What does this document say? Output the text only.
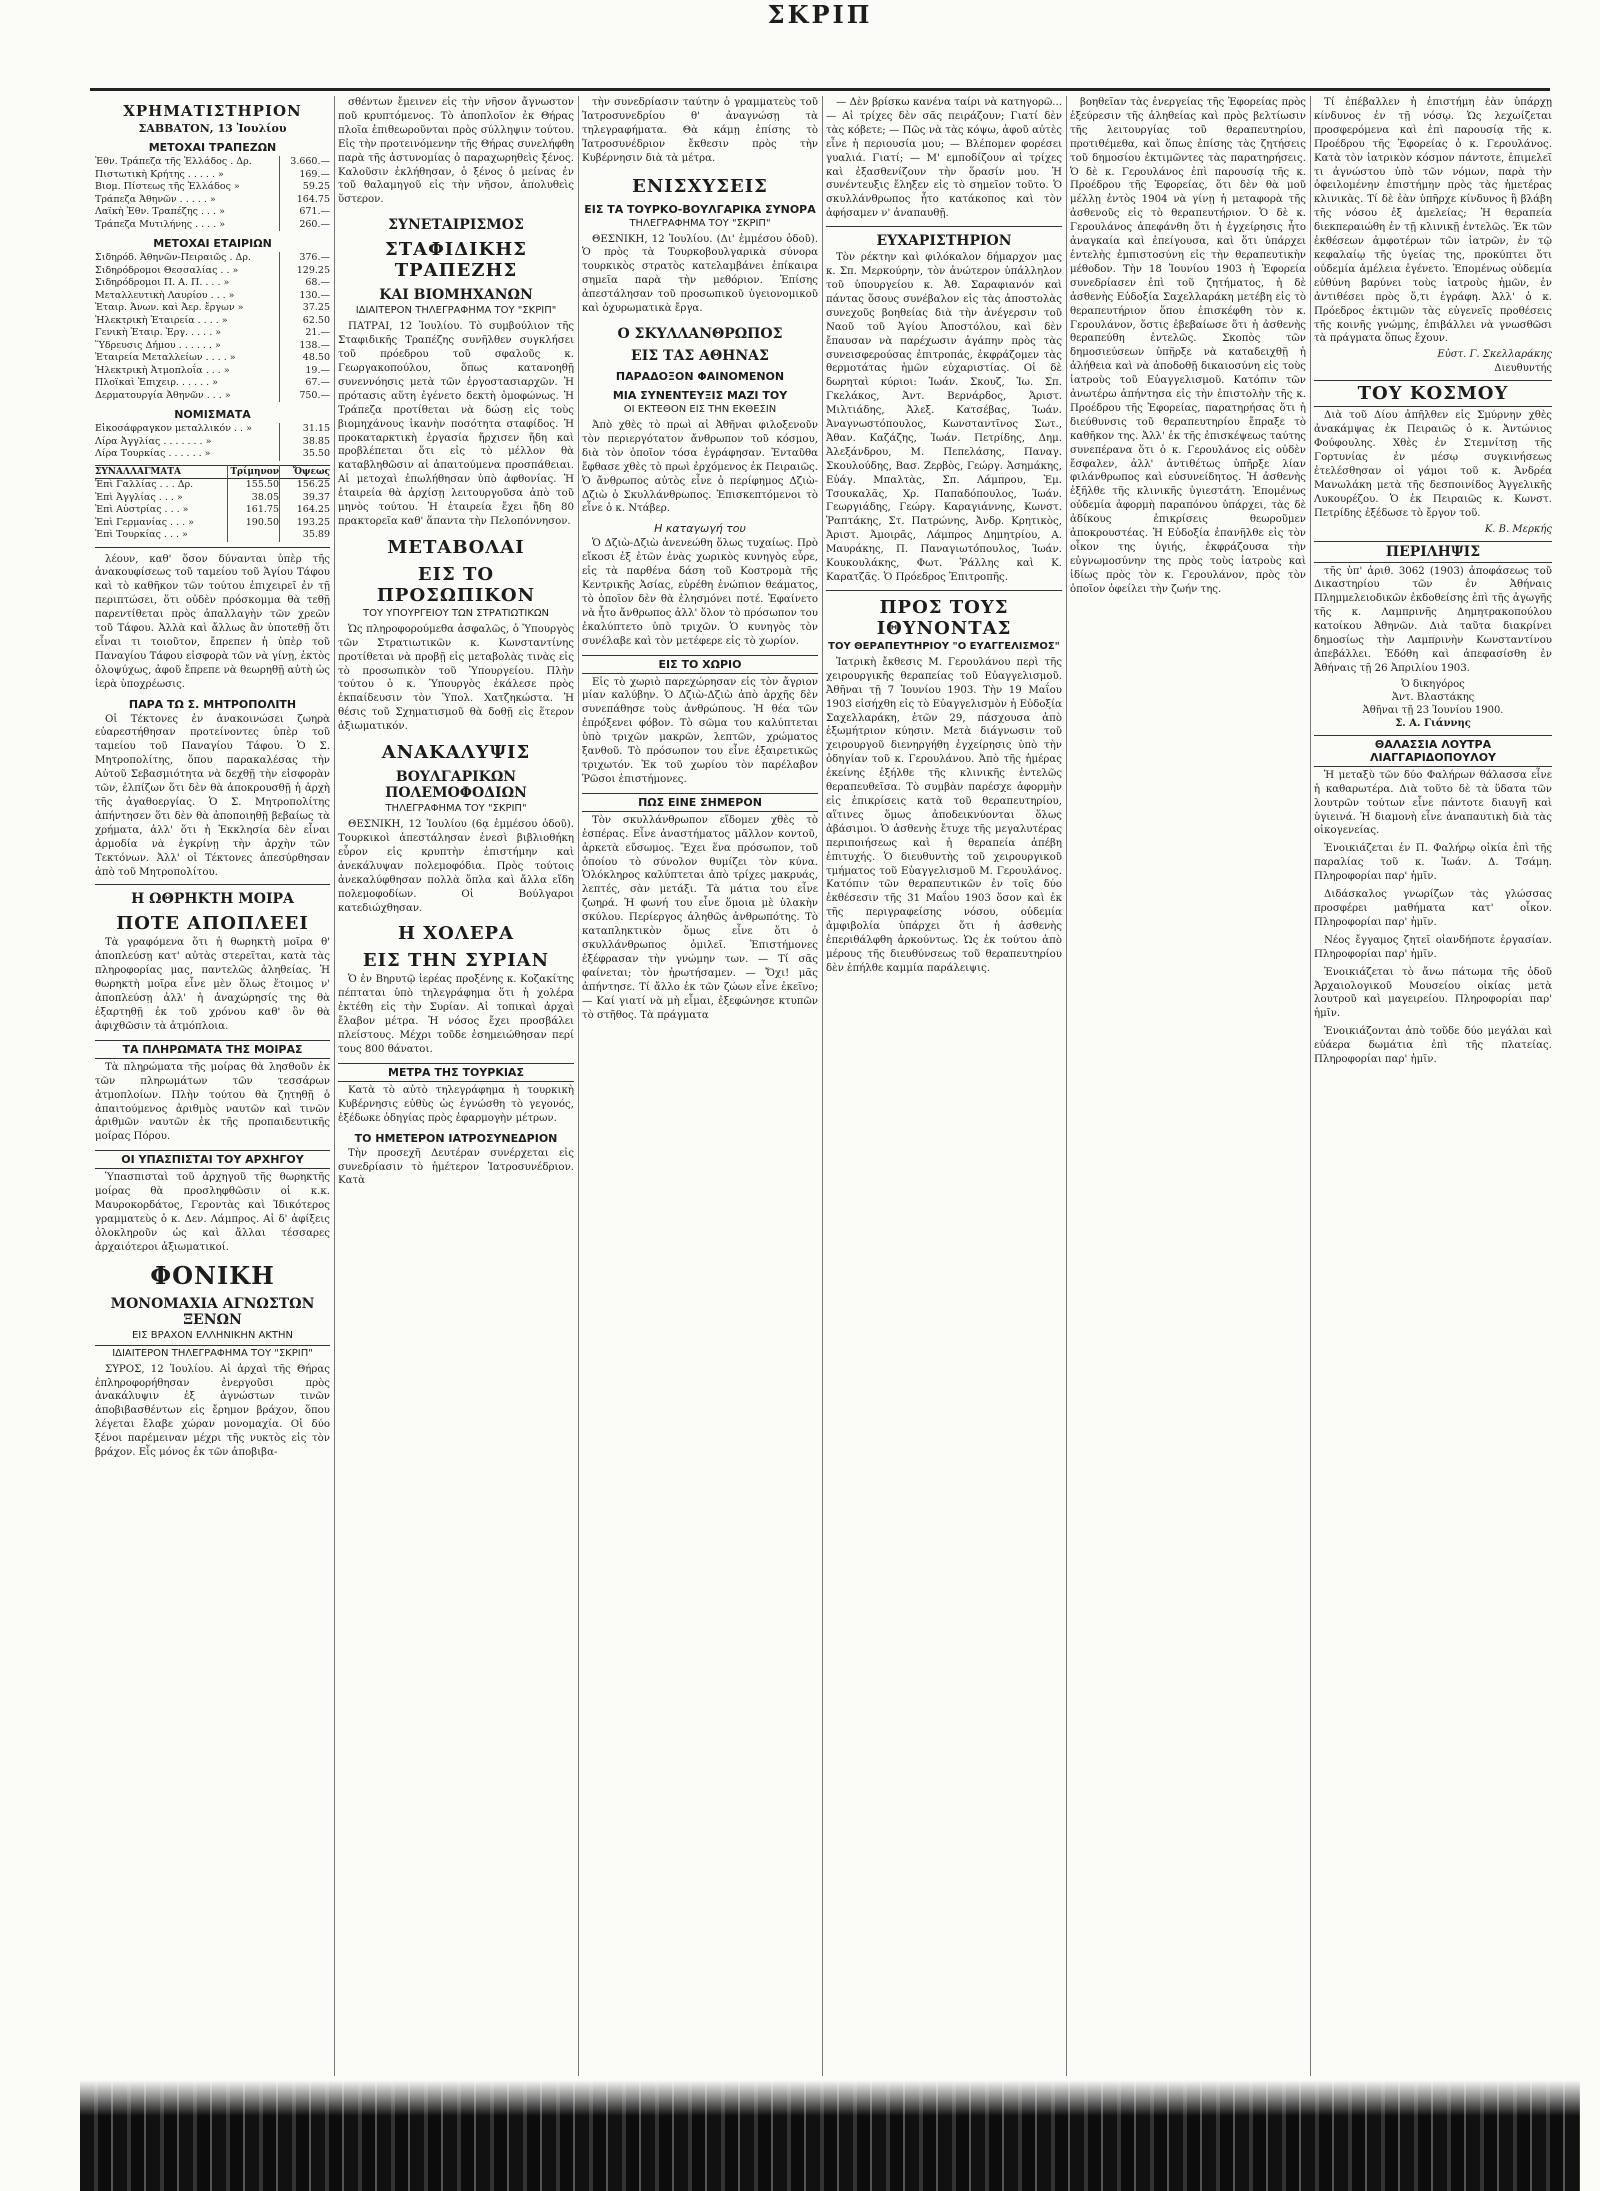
ΣΚΡΙΠ
ΧΡΗΜΑΤΙΣΤΗΡΙΟΝ
ΣΑΒΒΑΤΟΝ, 13 Ἰουλίου
ΜΕΤΟΧΑΙ ΤΡΑΠΕΖΩΝ
Ἐθν. Τράπεζα τῆς Ἑλλάδος . Δρ.	3.660.—
Πιστωτικὴ Κρήτης . . . . . »	169.—
Βιομ. Πίστεως τῆς Ἑλλάδος »	59.25
Τράπεζα Ἀθηνῶν . . . . . »	164.75
Λαϊκὴ Ἐθν. Τραπέζης . . . »	671.—
Τράπεζα Μυτιλήνης . . . . »	260.—
ΜΕΤΟΧΑΙ ΕΤΑΙΡΙΩΝ
Σιδηρόδ. Ἀθηνῶν-Πειραιῶς . Δρ.	376.—
Σιδηρόδρομοι Θεσσαλίας . . »	129.25
Σιδηρόδρομοι Π. Α. Π. . . . »	68.—
Μεταλλευτικὴ Λαυρίου . . . »	130.—
Ἑταιρ. Ἀνων. καὶ Ἀερ. ἔργων »	37.25
Ἠλεκτρικὴ Ἑταιρεία . . . . »	62.50
Γενικὴ Ἑταιρ. Ἐργ. . . . . »	21.—
Ὕδρευσις Δήμου . . . . . . »	138.—
Ἑταιρεία Μεταλλείων . . . . »	48.50
Ἠλεκτρικὴ Ἀτμοπλοΐα . . . »	19.—
Πλοϊκαὶ Ἐπιχειρ. . . . . . »	67.—
Δερματουργία Ἀθηνῶν . . . »	750.—
ΝΟΜΙΣΜΑΤΑ
Εἰκοσάφραγκον μεταλλικόν . . »	31.15
Λίρα Ἀγγλίας . . . . . . . »	38.85
Λίρα Τουρκίας . . . . . . »	35.50
ΣΥΝΑΛΛΑΓΜΑΤΑ	Τρίμηνον	Ὄψεως
Ἐπὶ Γαλλίας . . . Δρ.	155.50	156.25
Ἐπὶ Ἀγγλίας . . . »	38.05	39.37
Ἐπὶ Αὐστρίας . . . »	161.75	164.25
Ἐπὶ Γερμανίας . . . »	190.50	193.25
Ἐπὶ Τουρκίας . . . »		35.89

λέουν, καθ' ὅσον δύνανται ὑπὲρ τῆς ἀνακουφίσεως τοῦ ταμείου τοῦ Ἁγίου Τάφου καὶ τὸ καθῆκον τῶν τούτου ἐπιχειρεῖ ἐν τῇ περιπτώσει, ὅτι οὐδὲν πρόσκομμα θὰ τεθῇ παρεντίθεται πρὸς ἀπαλλαγὴν τῶν χρεῶν τοῦ Τάφου. Ἀλλὰ καὶ ἄλλως ἂν ὑποτεθῇ ὅτι εἶναι τι τοιοῦτον, ἔπρεπεν ἡ ὑπὲρ τοῦ Παναγίου Τάφου εἰσφορὰ τῶν νὰ γίνῃ, ἐκτὸς ὁλοψύχως, ἀφοῦ ἔπρεπε νὰ θεωρηθῇ αὐτὴ ὡς ἱερὰ ὑποχρέωσις.

ΠΑΡΑ ΤΩ Σ. ΜΗΤΡΟΠΟΛΙΤΗ

Οἱ Τέκτονες ἐν ἀνακοινώσει ζωηρὰ εὐαρεστήθησαν προτείνοντες ὑπὲρ τοῦ ταμείου τοῦ Παναγίου Τάφου. Ὁ Σ. Μητροπολίτης, ὅπου παρακαλέσας τὴν Αὐτοῦ Σεβασμιότητα νὰ δεχθῇ τὴν εἰσφορὰν τῶν, ἐλπίζων ὅτι δὲν θὰ ἀποκρουσθῇ ἡ ἀρχὴ τῆς ἀγαθοεργίας. Ὁ Σ. Μητροπολίτης ἀπήντησεν ὅτι δὲν θὰ ἀποποιηθῇ βεβαίως τὰ χρήματα, ἀλλ' ὅτι ἡ Ἐκκλησία δὲν εἶναι ἁρμοδία νὰ ἐγκρίνῃ τὴν ἀρχὴν τῶν Τεκτόνων. Ἀλλ' οἱ Τέκτονες ἀπεσύρθησαν ἀπὸ τοῦ Μητροπολίτου.

Η ΩΘΡΗΚΤΗ ΜΟΙΡΑ
ΠΟΤΕ ΑΠΟΠΛΕΕΙ

Τὰ γραφόμενα ὅτι ἡ θωρηκτὴ μοῖρα θ' ἀποπλεύσῃ κατ' αὐτὰς στερεῖται, κατὰ τὰς πληροφορίας μας, παντελῶς ἀληθείας. Ἡ θωρηκτὴ μοῖρα εἶνε μὲν ὅλως ἕτοιμος ν' ἀποπλεύσῃ ἀλλ' ἡ ἀναχώρησίς της θὰ ἐξαρτηθῇ ἐκ τοῦ χρόνου καθ' ὃν θὰ ἀφιχθῶσιν τὰ ἀτμόπλοια.

ΤΑ ΠΛΗΡΩΜΑΤΑ ΤΗΣ ΜΟΙΡΑΣ

Τὰ πληρώματα τῆς μοίρας θὰ λησθοῦν ἐκ τῶν πληρωμάτων τῶν τεσσάρων ἀτμοπλοίων. Πλὴν τούτου θὰ ζητηθῇ ὁ ἀπαιτούμενος ἀριθμὸς ναυτῶν καὶ τινῶν ἀριθμῶν ναυτῶν ἐκ τῆς προπαιδευτικῆς μοίρας Πόρου.

ΟΙ ΥΠΑΣΠΙΣΤΑΙ ΤΟΥ ΑΡΧΗΓΟΥ

Ὑπασπισταὶ τοῦ ἀρχηγοῦ τῆς θωρηκτῆς μοίρας θὰ προσληφθῶσιν οἱ κ.κ. Μαυροκορδάτος, Γεροντὰς καὶ Ἰδικότερος γραμματεὺς ὁ κ. Δεν. Λάμπρος. Αἱ δ' ἀφίξεις ὁλοκληροῦν ὡς καὶ ἄλλαι τέσσαρες ἀρχαιότεροι ἀξιωματικοί.

ΦΟΝΙΚΗ
ΜΟΝΟΜΑΧΙΑ ΑΓΝΩΣΤΩΝ ΞΕΝΩΝ
ΕΙΣ ΒΡΑΧΟΝ ΕΛΛΗΝΙΚΗΝ ΑΚΤΗΝ
ΙΔΙΑΙΤΕΡΟΝ ΤΗΛΕΓΡΑΦΗΜΑ ΤΟΥ "ΣΚΡΙΠ"

ΣΥΡΟΣ, 12 Ἰουλίου. Αἱ ἀρχαὶ τῆς Θήρας ἐπληροφορήθησαν ἐνεργοῦσι πρὸς ἀνακάλυψιν ἑξ ἀγνώστων τινῶν ἀποβιβασθέντων εἰς ἔρημον βράχον, ὅπου λέγεται ἔλαβε χώραν μονομαχία. Οἱ δύο ξένοι παρέμειναν μέχρι τῆς νυκτὸς εἰς τὸν βράχον. Εἷς μόνος ἐκ τῶν ἀποβιβα-

σθέντων ἔμεινεν εἰς τὴν νῆσον ἄγνωστον ποῦ κρυπτόμενος. Τὸ ἀποπλοῖον ἐκ Θήρας πλοῖα ἐπιθεωροῦνται πρὸς σύλληψιν τούτου. Εἰς τὴν προτεινόμενην τῆς Θήρας συνελήφθη παρὰ τῆς ἀστυνομίας ὁ παραχωρηθεὶς ξένος. Καλοῦσιν ἐκλήθησαν, ὁ ξένος ὁ μείνας ἐν τοῦ θαλαμηγοῦ εἰς τὴν νῆσον, ἀπολυθεὶς ὕστερον.

ΣΥΝΕΤΑΙΡΙΣΜΟΣ
ΣΤΑΦΙΔΙΚΗΣ ΤΡΑΠΕΖΗΣ
ΚΑΙ ΒΙΟΜΗΧΑΝΩΝ
ΙΔΙΑΙΤΕΡΟΝ ΤΗΛΕΓΡΑΦΗΜΑ ΤΟΥ "ΣΚΡΙΠ"

ΠΑΤΡΑΙ, 12 Ἰουλίου. Τὸ συμβούλιον τῆς Σταφιδικῆς Τραπέζης συνῆλθεν συγκλήσει τοῦ πρόεδρου τοῦ σφαλοῦς κ. Γεωργακοπούλου, ὅπως κατανοηθῇ συνεννόησις μετὰ τῶν ἐργοστασιαρχῶν. Ἡ πρότασις αὕτη ἐγένετο δεκτὴ ὁμοφώνως. Ἡ Τράπεζα προτίθεται νὰ δώσῃ εἰς τοὺς βιομηχάνους ἱκανὴν ποσότητα σταφίδος. Ἡ προκαταρκτικὴ ἐργασία ἤρχισεν ἤδη καὶ προβλέπεται ὅτι εἰς τὸ μέλλον θὰ καταβληθῶσιν αἱ ἀπαιτούμενα προσπάθειαι. Αἱ μετοχαὶ ἐπωλήθησαν ὑπὸ ἀφθονίας. Ἡ ἐταιρεία θὰ ἀρχίσῃ λειτουργοῦσα ἀπὸ τοῦ μηνὸς τούτου. Ἡ ἐταιρεία ἔχει ἤδη 80 πρακτορεῖα καθ' ἅπαντα τὴν Πελοπόννησον.

ΜΕΤΑΒΟΛΑΙ
ΕΙΣ ΤΟ ΠΡΟΣΩΠΙΚΟΝ
ΤΟΥ ΥΠΟΥΡΓΕΙΟΥ ΤΩΝ ΣΤΡΑΤΙΩΤΙΚΩΝ

Ὡς πληροφορούμεθα ἀσφαλῶς, ὁ Ὑπουργὸς τῶν Στρατιωτικῶν κ. Κωνσταντίνης προτίθεται νὰ προβῇ εἰς μεταβολὰς τινὰς εἰς τὸ προσωπικὸν τοῦ Ὑπουργείου. Πλὴν τούτου ὁ κ. Ὑπουργὸς ἐκάλεσε πρὸς ἐκπαίδευσιν τὸν Ὑπολ. Χατζηκώστα. Ἡ θέσις τοῦ Σχηματισμοῦ θὰ δοθῇ εἰς ἕτερον ἀξιωματικόν.

ΑΝΑΚΑΛΥΨΙΣ
ΒΟΥΛΓΑΡΙΚΩΝ ΠΟΛΕΜΟΦΟΔΙΩΝ
ΤΗΛΕΓΡΑΦΗΜΑ ΤΟΥ "ΣΚΡΙΠ"

ΘΕΣΝΙΚΗ, 12 Ἰουλίου (6ᾳ ἐμμέσου ὁδοῦ). Τουρκικοὶ ἀπεστάλησαν ἐνεσὶ βιβλιοθήκη εὗρον εἰς κρυπτὴν ἐπιστήμην καὶ ἀνεκάλυψαν πολεμοφόδια. Πρὸς τούτοις ἀνεκαλύφθησαν πολλὰ ὅπλα καὶ ἄλλα εἴδη πολεμοφοδίων. Οἱ Βούλγαροι κατεδιώχθησαν.

Η ΧΟΛΕΡΑ
ΕΙΣ ΤΗΝ ΣΥΡΙΑΝ

Ὁ ἐν Βηρυτῷ ἱερέας προξένης κ. Κοζακίτης πέπταται ὑπὸ τηλεγράφημα ὅτι ἡ χολέρα ἐκτέθη εἰς τὴν Συρίαν. Αἱ τοπικαὶ ἀρχαὶ ἔλαβον μέτρα. Ἡ νόσος ἔχει προσβάλει πλείστους. Μέχρι τοῦδε ἐσημειώθησαν περί τους 800 θάνατοι.

ΜΕΤΡΑ ΤΗΣ ΤΟΥΡΚΙΑΣ

Κατὰ τὸ αὐτὸ τηλεγράφημα ἡ τουρκικὴ Κυβέρνησις εὐθὺς ὡς ἐγνώσθη τὸ γεγονός, ἐξέδωκε ὁδηγίας πρὸς ἐφαρμογὴν μέτρων.

ΤΟ ΗΜΕΤΕΡΟΝ ΙΑΤΡΟΣΥΝΕΔΡΙΟΝ

Τὴν προσεχῆ Δευτέραν συνέρχεται εἰς συνεδρίασιν τὸ ἡμέτερον Ἰατροσυνέδριον. Κατὰ

τὴν συνεδρίασιν ταύτην ὁ γραμματεὺς τοῦ Ἰατροσυνεδρίου θ' ἀναγνώσῃ τὰ τηλεγραφήματα. Θὰ κάμῃ ἐπίσης τὸ Ἰατροσυνέδριον ἔκθεσιν πρὸς τὴν Κυβέρνησιν διὰ τὰ μέτρα.

ΕΝΙΣΧΥΣΕΙΣ
ΕΙΣ ΤΑ ΤΟΥΡΚΟ-ΒΟΥΛΓΑΡΙΚΑ ΣΥΝΟΡΑ
ΤΗΛΕΓΡΑΦΗΜΑ ΤΟΥ "ΣΚΡΙΠ"

ΘΕΣΝΙΚΗ, 12 Ἰουλίου. (Δι' ἐμμέσου ὁδοῦ). Ὁ πρὸς τὰ Τουρκοβουλγαρικὰ σύνορα τουρκικὸς στρατὸς κατελαμβάνει ἐπίκαιρα σημεῖα παρὰ τὴν μεθόριον. Ἐπίσης ἀπεστάλησαν τοῦ προσωπικοῦ ὑγειονομικοῦ καὶ ὀχυρωματικὰ ἔργα.

Ο ΣΚΥΛΛΑΝΘΡΩΠΟΣ
ΕΙΣ ΤΑΣ ΑΘΗΝΑΣ
ΠΑΡΑΔΟΞΟΝ ΦΑΙΝΟΜΕΝΟΝ
ΜΙΑ ΣΥΝΕΝΤΕΥΞΙΣ ΜΑΖΙ ΤΟΥ
ΟΙ ΕΚΤΕΘΟΝ ΕΙΣ ΤΗΝ ΕΚΘΕΣΙΝ

Ἀπὸ χθὲς τὸ πρωὶ αἱ Ἀθῆναι φιλοξενοῦν τὸν περιεργότατον ἄνθρωπον τοῦ κόσμου, διὰ τὸν ὁποῖον τόσα ἐγράφησαν. Ἐνταῦθα ἔφθασε χθὲς τὸ πρωὶ ἐρχόμενος ἐκ Πειραιῶς. Ὁ ἄνθρωπος αὐτὸς εἶνε ὁ περίφημος Δζιὼ-Δζιὼ ὁ Σκυλλάνθρωπος. Ἐπισκεπτόμενοι τὸ εἶνε ὁ κ. Ντάβερ.

Η καταγωγή του

Ὁ Δζιὼ-Δζιὼ ἀνενεώθη ὅλως τυχαίως. Πρὸ εἴκοσι ἐξ ἐτῶν ἐνὰς χωρικὸς κυνηγὸς εὗρε, εἰς τὰ παρθένα δάση τοῦ Κοστρομὰ τῆς Κεντρικῆς Ἀσίας, εὑρέθη ἐνώπιον θεάματος, τὸ ὁποῖον δὲν θὰ ἐλησμόνει ποτέ. Ἐφαίνετο νὰ ἦτο ἄνθρωπος ἀλλ' ὅλον τὸ πρόσωπον του ἐκαλύπτετο ὑπὸ τριχῶν. Ὁ κυνηγὸς τὸν συνέλαβε καὶ τὸν μετέφερε εἰς τὸ χωρίον.

ΕΙΣ ΤΟ ΧΩΡΙΟ

Εἰς τὸ χωριὸ παρεχώρησαν εἰς τὸν ἄγριον μίαν καλύβην. Ὁ Δζιὼ-Δζιὼ ἀπὸ ἀρχῆς δὲν συνεπάθησε τοὺς ἀνθρώπους. Ἡ θέα τῶν ἐπρόξενει φόβον. Τὸ σῶμα του καλύπτεται ὑπὸ τριχῶν μακρῶν, λεπτῶν, χρώματος ξανθοῦ. Τὸ πρόσωπον του εἶνε ἐξαιρετικῶς τριχωτόν. Ἐκ τοῦ χωρίου τὸν παρέλαβον Ῥῶσοι ἐπιστήμονες.

ΠΩΣ ΕΙΝΕ ΣΗΜΕΡΟΝ

Τὸν σκυλλάνθρωπον εἴδομεν χθὲς τὸ ἑσπέρας. Εἶνε ἀναστήματος μᾶλλον κοντοῦ, ἀρκετὰ εὔσωμος. Ἔχει ἕνα πρόσωπον, τοῦ ὁποίου τὸ σύνολον θυμίζει τὸν κύνα. Ὁλόκληρος καλύπτεται ἀπὸ τρίχες μακρυάς, λεπτές, σὰν μετάξι. Τὰ μάτια του εἶνε ζωηρά. Ἡ φωνή του εἶνε ὅμοια μὲ ὑλακὴν σκύλου. Περίεργος ἀληθῶς ἀνθρωπότης. Τὸ καταπληκτικὸν ὅμως εἶνε ὅτι ὁ σκυλλάνθρωπος ὁμιλεῖ. Ἐπιστήμονες ἐξέφρασαν τὴν γνώμην των. — Τί σᾶς φαίνεται; τὸν ἠρωτήσαμεν. — Ὄχι! μᾶς ἀπήντησε. Τί ἄλλο ἐκ τῶν ζώων εἶνε ἐκεῖνο; — Καί γιατί νὰ μὴ εἶμαι, ἐξεφώνησε κτυπῶν τὸ στῆθος. Τὰ πράγματα

— Δὲν βρίσκω κανένα ταίρι νὰ κατηγορῶ... — Αἱ τρίχες δὲν σᾶς πειράζουν; Γιατί δὲν τὰς κόβετε; — Πῶς νὰ τὰς κόψω, ἀφοῦ αὐτὲς εἶνε ἡ περιουσία μου; — Βλέπομεν φορέσει γυαλιά. Γιατί; — Μ' εμποδίζουν αἱ τρίχες καὶ ἐξασθενίζουν τὴν ὅρασίν μου. Ἡ συνέντευξις ἔληξεν εἰς τὸ σημεῖον τοῦτο. Ὁ σκυλλάνθρωπος ἦτο κατάκοπος καὶ τὸν ἀφήσαμεν ν' ἀναπαυθῇ.

ΕΥΧΑΡΙΣΤΗΡΙΟΝ

Τὸν ρέκτην καὶ φιλόκαλον δήμαρχον μας κ. Σπ. Μερκούρην, τὸν ἀνώτερον ὑπάλληλον τοῦ ὑπουργείου κ. Ἀθ. Σαραφιανόν καὶ πάντας ὅσους συνέβαλον εἰς τὰς ἀποστολὰς συνεχοῦς βοηθείας διὰ τὴν ἀνέγερσιν τοῦ Ναοῦ τοῦ Ἁγίου Ἀποστόλου, καὶ δὲν ἔπαυσαν νὰ παρέχωσιν ἀγάπην πρὸς τὰς συνεισφερούσας ἐπιτροπάς, ἐκφράζομεν τὰς θερμοτάτας ἡμῶν εὐχαριστίας. Οἱ δὲ δωρηταὶ κύριοι: Ἰωάν. Σκουζ, Ἰω. Σπ. Γκελάκος, Ἀντ. Βερνάρδος, Ἀριστ. Μιλτιάδης, Ἀλεξ. Κατσέβας, Ἰωάν. Ἀναγνωστόπουλος, Κωνσταντῖνος Σωτ., Ἀθαν. Καζάζης, Ἰωάν. Πετρίδης, Δημ. Ἀλεξάνδρου, Μ. Πεπελάσης, Παναγ. Σκουλούδης, Βασ. Ζερβὸς, Γεώργ. Ἀσημάκης, Εὐάγ. Μπαλτὰς, Σπ. Λάμπρου, Ἐμ. Τσουκαλᾶς, Χρ. Παπαδόπουλος, Ἰωάν. Γεωργιάδης, Γεώργ. Καραγιάννης, Κωνστ. Ῥαπτάκης, Στ. Πατρώνης, Ἀνδρ. Κρητικὸς, Ἀριστ. Ἀμοιρᾶς, Λάμπρος Δημητρίου, Α. Μαυράκης, Π. Παναγιωτόπουλος, Ἰωάν. Κουκουλάκης, Φωτ. Ῥάλλης καὶ Κ. Καρατζᾶς. Ὁ Πρόεδρος Ἐπιτροπῆς.

ΠΡΟΣ ΤΟΥΣ ΙΘΥΝΟΝΤΑΣ
ΤΟΥ ΘΕΡΑΠΕΥΤΗΡΙΟΥ "Ο ΕΥΑΓΓΕΛΙΣΜΟΣ"

Ἰατρικὴ ἔκθεσις Μ. Γερουλάνου περὶ τῆς χειρουργικῆς θεραπείας τοῦ Εὐαγγελισμοῦ. Ἀθῆναι τῇ 7 Ἰουνίου 1903. Τὴν 19 Μαΐου 1903 εἰσήχθη εἰς τὸ Εὐαγγελισμὸν ἡ Εὐδοξία Σαχελλαράκη, ἐτῶν 29, πάσχουσα ἀπὸ ἐξωμήτριον κύησιν. Μετὰ διάγνωσιν τοῦ χειρουργοῦ διενηργήθη ἐγχείρησις ὑπὸ τὴν ὁδηγίαν τοῦ κ. Γερουλάνου. Ἀπὸ τῆς ἡμέρας ἐκείνης ἐξήλθε τῆς κλινικῆς ἐντελῶς θεραπευθεῖσα. Τὸ συμβὰν παρέσχε ἀφορμὴν εἰς ἐπικρίσεις κατὰ τοῦ θεραπευτηρίου, αἵτινες ὅμως ἀποδεικνύονται ὅλως ἀβάσιμοι. Ὁ ἀσθενὴς ἔτυχε τῆς μεγαλυτέρας περιποιήσεως καὶ ἡ θεραπεία ἀπέβη ἐπιτυχής. Ὁ διευθυντὴς τοῦ χειρουργικοῦ τμήματος τοῦ Εὐαγγελισμοῦ Μ. Γερουλάνος. Κατόπιν τῶν θεραπευτικῶν ἐν τοῖς δύο ἐκθέσεσιν τῆς 31 Μαΐου 1903 ὅσον καὶ ἐκ τῆς περιγραφείσης νόσου, οὐδεμία ἀμφιβολία ὑπάρχει ὅτι ἡ ἀσθενὴς ἐπεριθάλφθη ἀρκούντως. Ὡς ἐκ τούτου ἀπὸ μέρους τῆς διευθύνσεως τοῦ θεραπευτηρίου δὲν ἐπήλθε καμμία παράλειψις.

βοηθεῖαν τὰς ἐνεργείας τῆς Ἐφορείας πρὸς ἐξεύρεσιν τῆς ἀληθείας καὶ πρὸς βελτίωσιν τῆς λειτουργίας τοῦ θεραπευτηρίου, προτιθέμεθα, καὶ ὅπως ἐπίσης τὰς ζητήσεις τοῦ δημοσίου ἐκτιμῶντες τὰς παρατηρήσεις. Ὁ δὲ κ. Γερουλάνος ἐπὶ παρουσίᾳ τῆς κ. Προέδρου τῆς Ἐφορείας, ὅτι δὲν θὰ μοῦ μέλλῃ ἐντὸς 1904 νὰ γίνῃ ἡ μεταφορὰ τῆς ἀσθενοῦς εἰς τὸ θεραπευτήριον. Ὁ δὲ κ. Γερουλάνος ἀπεφάνθη ὅτι ἡ ἐγχείρησις ἦτο ἀναγκαία καὶ ἐπείγουσα, καὶ ὅτι ὑπάρχει ἐντελὴς ἐμπιστοσύνη εἰς τὴν θεραπευτικὴν μέθοδον. Τὴν 18 Ἰουνίου 1903 ἡ Ἐφορεία συνεδρίασεν ἐπὶ τοῦ ζητήματος, ἡ δὲ ἀσθενὴς Εὐδοξία Σαχελλαράκη μετέβη εἰς τὸ θεραπευτήριον ὅπου ἐπισκέφθη τὸν κ. Γερουλάνον, ὅστις ἐβεβαίωσε ὅτι ἡ ἀσθενὴς θεραπεύθη ἐντελῶς. Σκοπὸς τῶν δημοσιεύσεων ὑπῆρξε νὰ καταδειχθῇ ἡ ἀλήθεια καὶ νὰ ἀποδοθῇ δικαιοσύνη εἰς τοὺς ἰατροὺς τοῦ Εὐαγγελισμοῦ. Κατόπιν τῶν ἀνωτέρω ἀπήντησα εἰς τὴν ἐπιστολὴν τῆς κ. Προέδρου τῆς Ἐφορείας, παρατηρήσας ὅτι ἡ διεύθυνσις τοῦ θεραπευτηρίου ἔπραξε τὸ καθῆκον της. Ἀλλ' ἐκ τῆς ἐπισκέψεως ταύτης συνεπέρανα ὅτι ὁ κ. Γερουλάνος εἰς οὐδὲν ἔσφαλεν, ἀλλ' ἀντιθέτως ὑπῆρξε λίαν φιλάνθρωπος καὶ εὐσυνείδητος. Ἡ ἀσθενὴς ἐξῆλθε τῆς κλινικῆς ὑγιεστάτη. Ἑπομένως οὐδεμία ἀφορμὴ παραπόνου ὑπάρχει, τὰς δὲ ἀδίκους ἐπικρίσεις θεωροῦμεν ἀποκρουστέας. Ἡ Εὐδοξία ἐπανῆλθε εἰς τὸν οἶκον της ὑγιής, ἐκφράζουσα τὴν εὐγνωμοσύνην της πρὸς τοὺς ἰατροὺς καὶ ἰδίως πρὸς τὸν κ. Γερουλάνον, πρὸς τὸν ὁποῖον ὀφείλει τὴν ζωήν της.

Τί ἐπέβαλλεν ἡ ἐπιστήμη ἐὰν ὑπάρχῃ κίνδυνος ἐν τῇ νόσῳ. Ὡς λεχωίζεται προσφερόμενα καὶ ἐπὶ παρουσίᾳ τῆς κ. Προέδρου τῆς Ἐφορείας ὁ κ. Γερουλάνος. Κατὰ τὸν ἰατρικὸν κόσμον πάντοτε, ἐπιμελεῖ τι ἀγνώστου ὑπὸ τῶν νόμων, παρὰ τὴν ὀφειλομένην ἐπιστήμην πρὸς τὰς ἡμετέρας κλινικὰς. Τί δὲ ἐὰν ὑπῆρχε κίνδυνος ἢ βλάβη τῆς νόσου ἐξ ἀμελείας; Ἡ θεραπεία διεκπεραιώθη ἐν τῇ κλινικῇ ἐντελῶς. Ἐκ τῶν ἐκθέσεων ἀμφοτέρων τῶν ἰατρῶν, ἐν τῷ κεφαλαίῳ τῆς ὑγείας της, προκύπτει ὅτι οὐδεμία ἀμέλεια ἐγένετο. Ἐπομένως οὐδεμία εὐθύνη βαρύνει τοὺς ἰατροὺς ἡμῶν, ἐν ἀντιθέσει πρὸς ὅ,τι ἐγράφη. Ἀλλ' ὁ κ. Πρόεδρος ἐκτιμῶν τὰς εὐγενεῖς προθέσεις τῆς κοινῆς γνώμης, ἐπιβάλλει νὰ γνωσθῶσι τὰ πράγματα ὅπως ἔχουν.

Εὐστ. Γ. Σκελλαράκης
Διευθυντής
ΤΟΥ ΚΟΣΜΟΥ

Διὰ τοῦ Δίου ἀπῆλθεν εἰς Σμύρνην χθὲς ἀνακάμψας ἐκ Πειραιῶς ὁ κ. Ἀντώνιος Φούφουλης. Χθὲς ἐν Στεμνίτσῃ τῆς Γορτυνίας ἐν μέσῳ συγκινήσεως ἐτελέσθησαν οἱ γάμοι τοῦ κ. Ἀνδρέα Μανωλάκη μετὰ τῆς δεσποινίδος Ἀγγελικῆς Λυκουρέζου. Ὁ ἐκ Πειραιῶς κ. Κωνστ. Πετρίδης ἐξέδωσε τὸ ἔργον τοῦ.

Κ. Β. Μερκής
ΠΕΡΙΛΗΨΙΣ

τῆς ὑπ' ἀριθ. 3062 (1903) ἀποφάσεως τοῦ Δικαστηρίου τῶν ἐν Ἀθήναις Πλημμελειοδικῶν ἐκδοθείσης ἐπὶ τῆς ἀγωγῆς τῆς κ. Λαμπρινῆς Δημητρακοπούλου κατοίκου Ἀθηνῶν. Διὰ ταῦτα διακρίνει δημοσίως τὴν Λαμπρινὴν Κωνσταντίνου ἀπεβάλλει. Ἐδόθη καὶ ἀπεφασίσθη ἐν Ἀθήναις τῇ 26 Ἀπριλίου 1903.

Ὁ δικηγόρος
Ἀντ. Βλαστάκης
Ἀθῆναι τῇ 23 Ἰουνίου 1900.
Σ. Α. Γιάννης
ΘΑΛΑΣΣΙΑ ΛΟΥΤΡΑ ΛΙΑΓΓΑΡΙΔΟΠΟΥΛΟΥ

Ἡ μεταξὺ τῶν δύο Φαλήρων θάλασσα εἶνε ἡ καθαρωτέρα. Διὰ τοῦτο δὲ τὰ ὕδατα τῶν λουτρῶν τούτων εἶνε πάντοτε διαυγῆ καὶ ὑγιεινά. Ἡ διαμονὴ εἶνε ἀναπαυτικὴ διὰ τὰς οἰκογενείας.

Ἐνοικιάζεται ἐν Π. Φαλήρῳ οἰκία ἐπὶ τῆς παραλίας τοῦ κ. Ἰωάν. Δ. Τσάμη. Πληροφορίαι παρ' ἡμῖν.

Διδάσκαλος γνωρίζων τὰς γλώσσας προσφέρει μαθήματα κατ' οἶκον. Πληροφορίαι παρ' ἡμῖν.

Νέος ἔγγαμος ζητεῖ οἱανδήποτε ἐργασίαν. Πληροφορίαι παρ' ἡμῖν.

Ἐνοικιάζεται τὸ ἄνω πάτωμα τῆς ὁδοῦ Ἀρχαιολογικοῦ Μουσείου οἰκίας μετὰ λουτροῦ καὶ μαγειρείου. Πληροφορίαι παρ' ἡμῖν.

Ἐνοικιάζονται ἀπὸ τοῦδε δύο μεγάλαι καὶ εὐάερα δωμάτια ἐπὶ τῆς πλατείας. Πληροφορίαι παρ' ἡμῖν.
